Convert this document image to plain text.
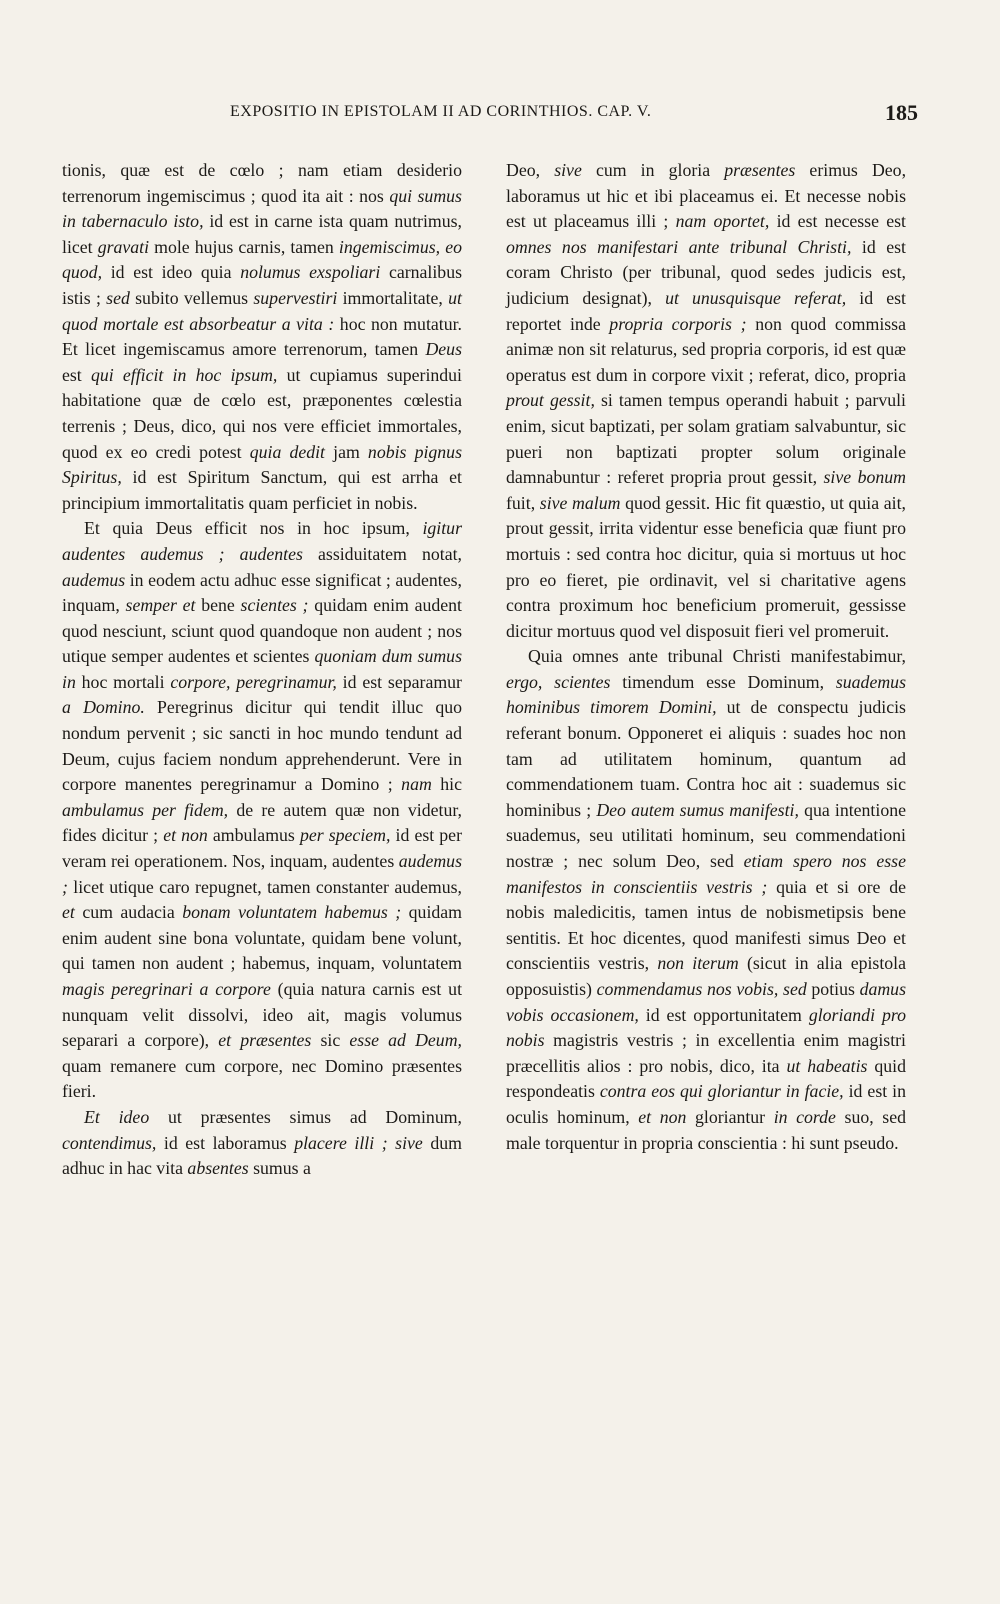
EXPOSITIO IN EPISTOLAM II AD CORINTHIOS. CAP. V.	185

tionis, quæ est de cœlo ; nam etiam desiderio terrenorum ingemiscimus ; quod ita ait : nos qui sumus in tabernaculo isto, id est in carne ista quam nutrimus, licet gravati mole hujus carnis, tamen ingemiscimus, eo quod, id est ideo quia nolumus exspoliari carnalibus istis ; sed subito vellemus supervestiri immortalitate, ut quod mortale est absorbeatur a vita : hoc non mutatur. Et licet ingemiscamus amore terrenorum, tamen Deus est qui efficit in hoc ipsum, ut cupiamus superindui habitatione quæ de cœlo est, præponentes cœlestia terrenis ; Deus, dico, qui nos vere efficiet immortales, quod ex eo credi potest quia dedit jam nobis pignus Spiritus, id est Spiritum Sanctum, qui est arrha et principium immortalitatis quam perficiet in nobis.

Et quia Deus efficit nos in hoc ipsum, igitur audentes audemus ; audentes assiduitatem notat, audemus in eodem actu adhuc esse significat ; audentes, inquam, semper et bene scientes ; quidam enim audent quod nesciunt, sciunt quod quandoque non audent ; nos utique semper audentes et scientes quoniam dum sumus in hoc mortali corpore, peregrinamur, id est separamur a Domino. Peregrinus dicitur qui tendit illuc quo nondum pervenit ; sic sancti in hoc mundo tendunt ad Deum, cujus faciem nondum apprehenderunt. Vere in corpore manentes peregrinamur a Domino ; nam hic ambulamus per fidem, de re autem quæ non videtur, fides dicitur ; et non ambulamus per speciem, id est per veram rei operationem. Nos, inquam, audentes audemus ; licet utique caro repugnet, tamen constanter audemus, et cum audacia bonam voluntatem habemus ; quidam enim audent sine bona voluntate, quidam bene volunt, qui tamen non audent ; habemus, inquam, voluntatem magis peregrinari a corpore (quia natura carnis est ut nunquam velit dissolvi, ideo ait, magis volumus separari a corpore), et præsentes sic esse ad Deum, quam remanere cum corpore, nec Domino præsentes fieri.

Et ideo ut præsentes simus ad Dominum, contendimus, id est laboramus placere illi ; sive dum adhuc in hac vita absentes sumus a

Deo, sive cum in gloria præsentes erimus Deo, laboramus ut hic et ibi placeamus ei. Et necesse nobis est ut placeamus illi ; nam oportet, id est necesse est omnes nos manifestari ante tribunal Christi, id est coram Christo (per tribunal, quod sedes judicis est, judicium designat), ut unusquisque referat, id est reportet inde propria corporis ; non quod commissa animæ non sit relaturus, sed propria corporis, id est quæ operatus est dum in corpore vixit ; referat, dico, propria prout gessit, si tamen tempus operandi habuit ; parvuli enim, sicut baptizati, per solam gratiam salvabuntur, sic pueri non baptizati propter solum originale damnabuntur : referet propria prout gessit, sive bonum fuit, sive malum quod gessit. Hic fit quæstio, ut quia ait, prout gessit, irrita videntur esse beneficia quæ fiunt pro mortuis : sed contra hoc dicitur, quia si mortuus ut hoc pro eo fieret, pie ordinavit, vel si charitative agens contra proximum hoc beneficium promeruit, gessisse dicitur mortuus quod vel disposuit fieri vel promeruit.

Quia omnes ante tribunal Christi manifestabimur, ergo, scientes timendum esse Dominum, suademus hominibus timorem Domini, ut de conspectu judicis referant bonum. Opponeret ei aliquis : suades hoc non tam ad utilitatem hominum, quantum ad commendationem tuam. Contra hoc ait : suademus sic hominibus ; Deo autem sumus manifesti, qua intentione suademus, seu utilitati hominum, seu commendationi nostræ ; nec solum Deo, sed etiam spero nos esse manifestos in conscientiis vestris ; quia et si ore de nobis maledicitis, tamen intus de nobismetipsis bene sentitis. Et hoc dicentes, quod manifesti simus Deo et conscientiis vestris, non iterum (sicut in alia epistola opposuistis) commendamus nos vobis, sed potius damus vobis occasionem, id est opportunitatem gloriandi pro nobis magistris vestris ; in excellentia enim magistri præcellitis alios : pro nobis, dico, ita ut habeatis quid respondeatis contra eos qui gloriantur in facie, id est in oculis hominum, et non gloriantur in corde suo, sed male torquentur in propria conscientia : hi sunt pseudo.
